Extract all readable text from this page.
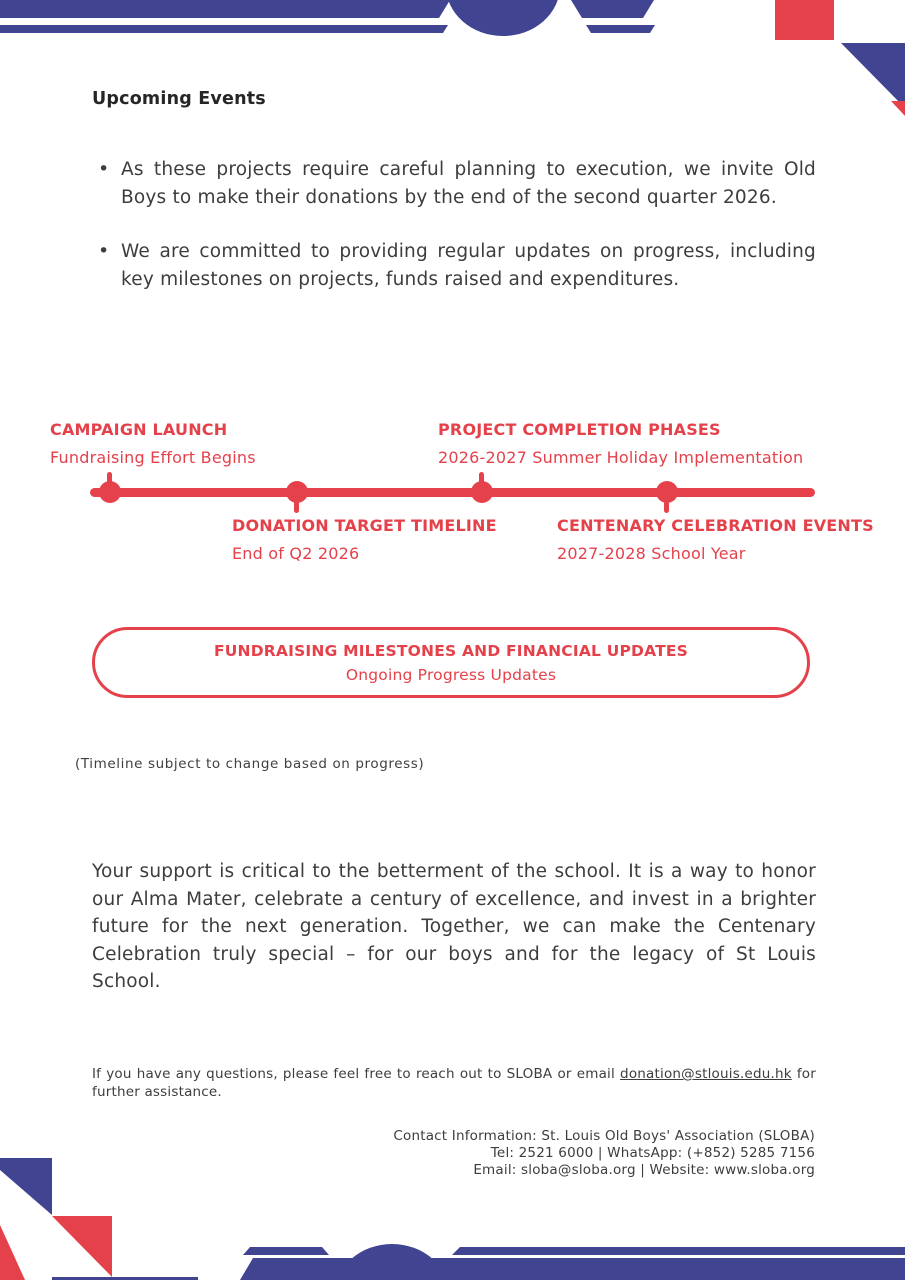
Upcoming Events
• As these projects require careful planning to execution, we invite Old Boys to make their donations by the end of the second quarter 2026.
• We are committed to providing regular updates on progress, including key milestones on projects, funds raised and expenditures.
CAMPAIGN LAUNCH
Fundraising Effort Begins
PROJECT COMPLETION PHASES
2026-2027 Summer Holiday Implementation
DONATION TARGET TIMELINE
End of Q2 2026
CENTENARY CELEBRATION EVENTS
2027-2028 School Year
FUNDRAISING MILESTONES AND FINANCIAL UPDATES
Ongoing Progress Updates
(Timeline subject to change based on progress)
Your support is critical to the betterment of the school. It is a way to honor our Alma Mater, celebrate a century of excellence, and invest in a brighter future for the next generation. Together, we can make the Centenary Celebration truly special – for our boys and for the legacy of St Louis School.
If you have any questions, please feel free to reach out to SLOBA or email donation@stlouis.edu.hk for further assistance.
Contact Information: St. Louis Old Boys' Association (SLOBA)
Tel: 2521 6000 | WhatsApp: (+852) 5285 7156
Email: sloba@sloba.org | Website: www.sloba.org
